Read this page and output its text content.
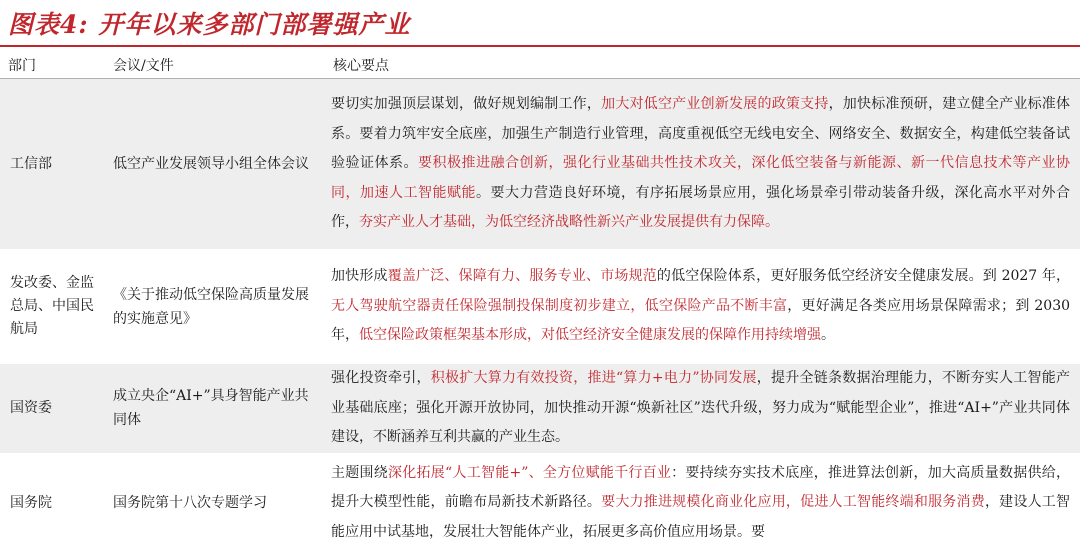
图表4: 开年以来多部门部署强产业
部门	会议/文件	核心要点
工信部	低空产业发展领导小组全体会议	要切实加强顶层谋划，做好规划编制工作，加大对低空产业创新发展的政策支持，加快标准预研，建立健全产业标准体系。要着力筑牢安全底座，加强生产制造行业管理，高度重视低空无线电安全、网络安全、数据安全，构建低空装备试验验证体系。要积极推进融合创新，强化行业基础共性技术攻关，深化低空装备与新能源、新一代信息技术等产业协同，加速人工智能赋能。要大力营造良好环境，有序拓展场景应用，强化场景牵引带动装备升级，深化高水平对外合作，夯实产业人才基础，为低空经济战略性新兴产业发展提供有力保障。
发改委、金监总局、中国民航局	《关于推动低空保险高质量发展的实施意见》	加快形成覆盖广泛、保障有力、服务专业、市场规范的低空保险体系，更好服务低空经济安全健康发展。到 2027 年，无人驾驶航空器责任保险强制投保制度初步建立，低空保险产品不断丰富，更好满足各类应用场景保障需求；到 2030 年，低空保险政策框架基本形成，对低空经济安全健康发展的保障作用持续增强。
国资委	成立央企“AI+”具身智能产业共同体	强化投资牵引，积极扩大算力有效投资，推进“算力+电力”协同发展，提升全链条数据治理能力，不断夯实人工智能产业基础底座；强化开源开放协同，加快推动开源“焕新社区”迭代升级，努力成为“赋能型企业”，推进“AI+”产业共同体建设，不断涵养互利共赢的产业生态。
国务院	国务院第十八次专题学习	主题围绕深化拓展“人工智能+”、全方位赋能千行百业：要持续夯实技术底座，推进算法创新，加大高质量数据供给，提升大模型性能，前瞻布局新技术新路径。要大力推进规模化商业化应用，促进人工智能终端和服务消费，建设人工智能应用中试基地，发展壮大智能体产业，拓展更多高价值应用场景。要
